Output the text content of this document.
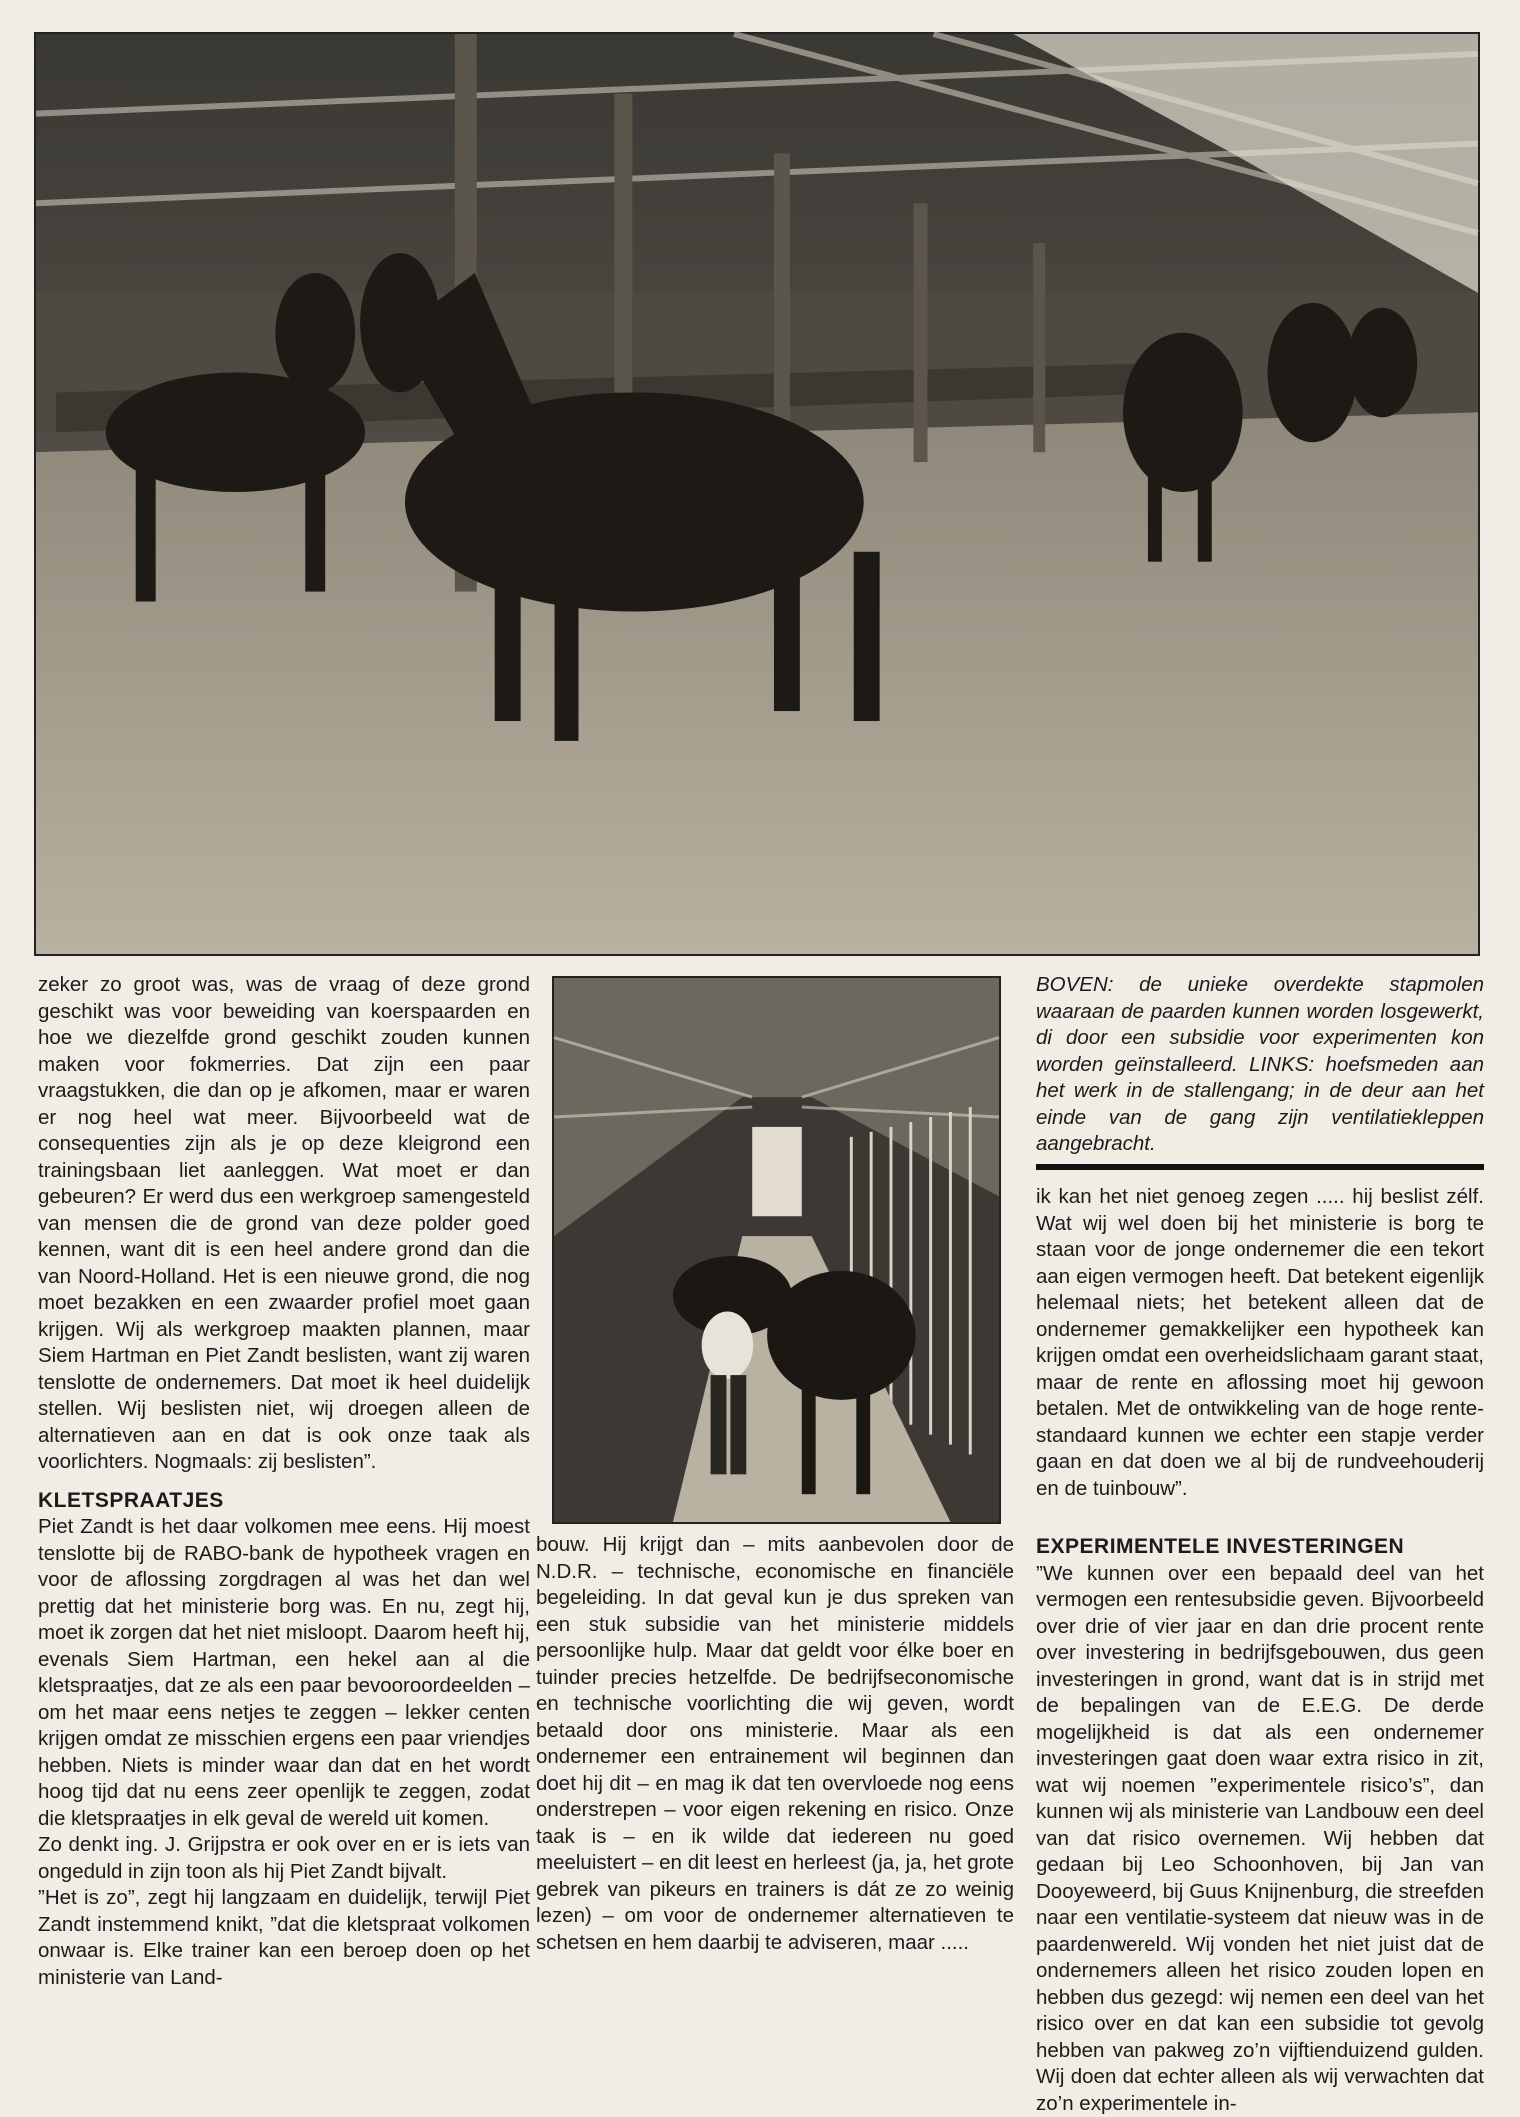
zeker zo groot was, was de vraag of deze grond geschikt was voor beweiding van koerspaarden en hoe we diezelfde grond geschikt zouden kunnen maken voor fokmerries. Dat zijn een paar vraagstukken, die dan op je afkomen, maar er waren er nog heel wat meer. Bijvoorbeeld wat de consequenties zijn als je op deze kleigrond een trainingsbaan liet aanleggen. Wat moet er dan gebeuren? Er werd dus een werkgroep samengesteld van mensen die de grond van deze polder goed kennen, want dit is een heel andere grond dan die van Noord-Holland. Het is een nieuwe grond, die nog moet bezakken en een zwaarder profiel moet gaan krijgen. Wij als werkgroep maakten plannen, maar Siem Hartman en Piet Zandt beslisten, want zij waren tenslotte de ondernemers. Dat moet ik heel duidelijk stellen. Wij beslisten niet, wij droegen alleen de alternatieven aan en dat is ook onze taak als voorlichters. Nogmaals: zij beslisten”.

KLETSPRAATJES
Piet Zandt is het daar volkomen mee eens. Hij moest tenslotte bij de RABO-bank de hypotheek vragen en voor de aflossing zorgdragen al was het dan wel prettig dat het ministerie borg was. En nu, zegt hij, moet ik zorgen dat het niet misloopt. Daarom heeft hij, evenals Siem Hartman, een hekel aan al die kletspraatjes, dat ze als een paar bevooroordeelden – om het maar eens netjes te zeggen – lekker centen krijgen omdat ze misschien ergens een paar vriendjes hebben. Niets is minder waar dan dat en het wordt hoog tijd dat nu eens zeer openlijk te zeggen, zodat die kletspraatjes in elk geval de wereld uit komen.
Zo denkt ing. J. Grijpstra er ook over en er is iets van ongeduld in zijn toon als hij Piet Zandt bijvalt.
”Het is zo”, zegt hij langzaam en duidelijk, terwijl Piet Zandt instemmend knikt, ”dat die kletspraat volkomen onwaar is. Elke trainer kan een beroep doen op het ministerie van Land-
bouw. Hij krijgt dan – mits aanbevolen door de N.D.R. – technische, economische en financiële begeleiding. In dat geval kun je dus spreken van een stuk subsidie van het ministerie middels persoonlijke hulp. Maar dat geldt voor élke boer en tuinder precies hetzelfde. De bedrijfseconomische en technische voorlichting die wij geven, wordt betaald door ons ministerie. Maar als een ondernemer een entrainement wil beginnen dan doet hij dit – en mag ik dat ten overvloede nog eens onderstrepen – voor eigen rekening en risico. Onze taak is – en ik wilde dat iedereen nu goed meeluistert – en dit leest en herleest (ja, ja, het grote gebrek van pikeurs en trainers is dát ze zo weinig lezen) – om voor de ondernemer alternatieven te schetsen en hem daarbij te adviseren, maar .....
BOVEN: de unieke overdekte stapmolen waaraan de paarden kunnen worden losgewerkt, di door een subsidie voor experimenten kon worden geïnstalleerd. LINKS: hoefsmeden aan het werk in de stallengang; in de deur aan het einde van de gang zijn ventilatiekleppen aangebracht.
ik kan het niet genoeg zegen ..... hij beslist zélf. Wat wij wel doen bij het ministerie is borg te staan voor de jonge ondernemer die een tekort aan eigen vermogen heeft. Dat betekent eigenlijk helemaal niets; het betekent alleen dat de ondernemer gemakkelijker een hypotheek kan krijgen omdat een overheidslichaam garant staat, maar de rente en aflossing moet hij gewoon betalen. Met de ontwikkeling van de hoge rente-standaard kunnen we echter een stapje verder gaan en dat doen we al bij de rundveehouderij en de tuinbouw”.
EXPERIMENTELE INVESTERINGEN
”We kunnen over een bepaald deel van het vermogen een rentesubsidie geven. Bijvoorbeeld over drie of vier jaar en dan drie procent rente over investering in bedrijfsgebouwen, dus geen investeringen in grond, want dat is in strijd met de bepalingen van de E.E.G. De derde mogelijkheid is dat als een ondernemer investeringen gaat doen waar extra risico in zit, wat wij noemen ”experimentele risico’s”, dan kunnen wij als ministerie van Landbouw een deel van dat risico overnemen. Wij hebben dat gedaan bij Leo Schoonhoven, bij Jan van Dooyeweerd, bij Guus Knijnenburg, die streefden naar een ventilatie-systeem dat nieuw was in de paardenwereld. Wij vonden het niet juist dat de ondernemers alleen het risico zouden lopen en hebben dus gezegd: wij nemen een deel van het risico over en dat kan een subsidie tot gevolg hebben van pakweg zo’n vijftienduizend gulden. Wij doen dat echter alleen als wij verwachten dat zo’n experimentele in-
